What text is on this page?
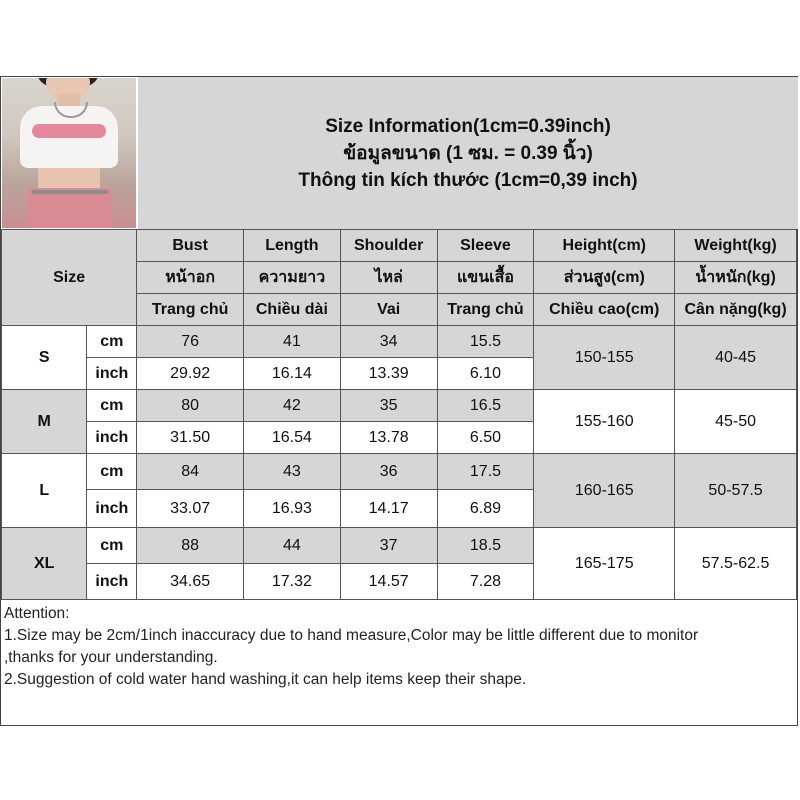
Size Information(1cm=0.39inch)
ข้อมูลขนาด (1 ซม. = 0.39 นิ้ว)
Thông tin kích thước (1cm=0,39 inch)
Size		Bust	Length	Shoulder	Sleeve	Height(cm)	Weight(kg)
		หน้าอก	ความยาว	ไหล่	แขนเสื้อ	ส่วนสูง(cm)	น้ำหนัก(kg)
		Trang chủ	Chiều dài	Vai	Trang chủ	Chiều cao(cm)	Cân nặng(kg)
S	cm	76	41	34	15.5	150-155	40-45
	inch	29.92	16.14	13.39	6.10		
M	cm	80	42	35	16.5	155-160	45-50
	inch	31.50	16.54	13.78	6.50		
L	cm	84	43	36	17.5	160-165	50-57.5
	inch	33.07	16.93	14.17	6.89		
XL	cm	88	44	37	18.5	165-175	57.5-62.5
	inch	34.65	17.32	14.57	7.28		
Attention:
1.Size may be 2cm/1inch inaccuracy due to hand measure,Color may be little different due to monitor
,thanks for your understanding.
2.Suggestion of cold water hand washing,it can help items keep their shape.
